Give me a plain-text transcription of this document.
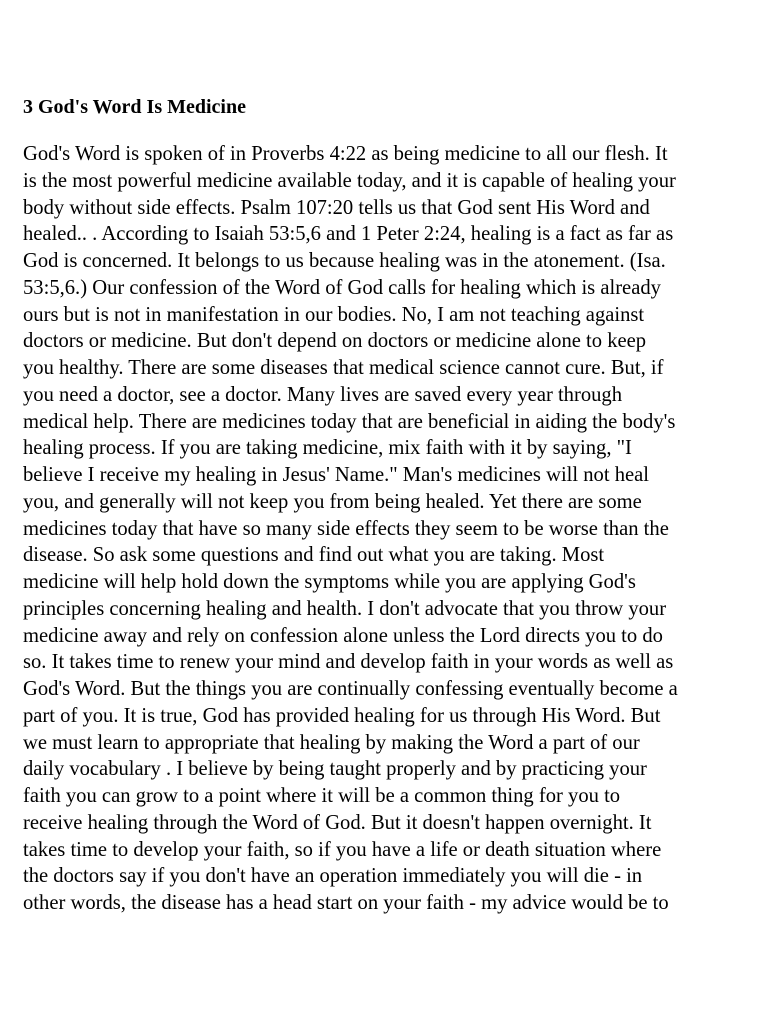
3 God's Word Is Medicine
God's Word is spoken of in Proverbs 4:22 as being medicine to all our flesh. It
is the most powerful medicine available today, and it is capable of healing your
body without side effects. Psalm 107:20 tells us that God sent His Word and
healed.. . According to Isaiah 53:5,6 and 1 Peter 2:24, healing is a fact as far as
God is concerned. It belongs to us because healing was in the atonement. (Isa.
53:5,6.) Our confession of the Word of God calls for healing which is already
ours but is not in manifestation in our bodies. No, I am not teaching against
doctors or medicine. But don't depend on doctors or medicine alone to keep
you healthy. There are some diseases that medical science cannot cure. But, if
you need a doctor, see a doctor. Many lives are saved every year through
medical help. There are medicines today that are beneficial in aiding the body's
healing process. If you are taking medicine, mix faith with it by saying, "I
believe I receive my healing in Jesus' Name." Man's medicines will not heal
you, and generally will not keep you from being healed. Yet there are some
medicines today that have so many side effects they seem to be worse than the
disease. So ask some questions and find out what you are taking. Most
medicine will help hold down the symptoms while you are applying God's
principles concerning healing and health. I don't advocate that you throw your
medicine away and rely on confession alone unless the Lord directs you to do
so. It takes time to renew your mind and develop faith in your words as well as
God's Word. But the things you are continually confessing eventually become a
part of you. It is true, God has provided healing for us through His Word. But
we must learn to appropriate that healing by making the Word a part of our
daily vocabulary . I believe by being taught properly and by practicing your
faith you can grow to a point where it will be a common thing for you to
receive healing through the Word of God. But it doesn't happen overnight. It
takes time to develop your faith, so if you have a life or death situation where
the doctors say if you don't have an operation immediately you will die - in
other words, the disease has a head start on your faith - my advice would be to
